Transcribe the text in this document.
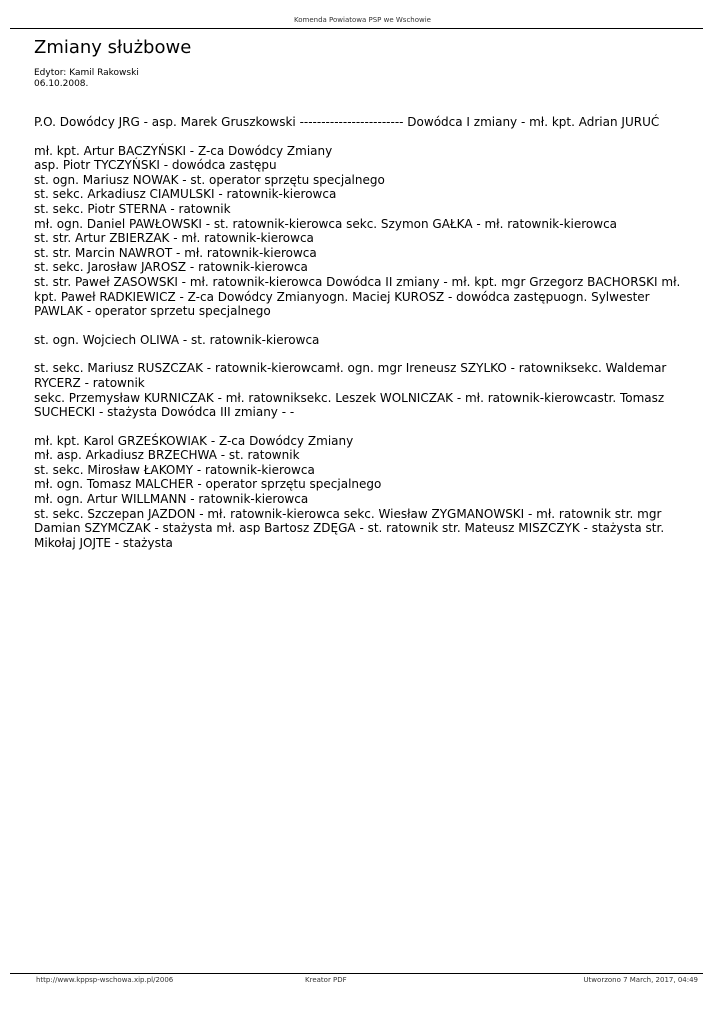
Komenda Powiatowa PSP we Wschowie
Zmiany służbowe
Edytor: Kamil Rakowski
06.10.2008.

P.O. Dowódcy JRG - asp. Marek Gruszkowski ------------------------ Dowódca I zmiany - mł. kpt. Adrian JURUĆ

mł. kpt. Artur BACZYŃSKI - Z-ca Dowódcy Zmiany
asp. Piotr TYCZYŃSKI - dowódca zastępu
st. ogn. Mariusz NOWAK - st. operator sprzętu specjalnego
st. sekc. Arkadiusz CIAMULSKI - ratownik-kierowca
st. sekc. Piotr STERNA - ratownik
mł. ogn. Daniel PAWŁOWSKI - st. ratownik-kierowca sekc. Szymon GAŁKA - mł. ratownik-kierowca
st. str. Artur ZBIERZAK - mł. ratownik-kierowca
st. str. Marcin NAWROT - mł. ratownik-kierowca
st. sekc. Jarosław JAROSZ - ratownik-kierowca
st. str. Paweł ZASOWSKI - mł. ratownik-kierowca Dowódca II zmiany - mł. kpt. mgr Grzegorz BACHORSKI mł. kpt. Paweł RADKIEWICZ - Z-ca Dowódcy Zmianyogn. Maciej KUROSZ - dowódca zastępuogn. Sylwester PAWLAK - operator sprzetu specjalnego

st. ogn. Wojciech OLIWA - st. ratownik-kierowca

st. sekc. Mariusz RUSZCZAK - ratownik-kierowcamł. ogn. mgr Ireneusz SZYLKO - ratowniksekc. Waldemar RYCERZ - ratownik
sekc. Przemysław KURNICZAK - mł. ratowniksekc. Leszek WOLNICZAK - mł. ratownik-kierowcastr. Tomasz SUCHECKI - stażysta Dowódca III zmiany - -
mł. kpt. Karol GRZEŚKOWIAK - Z-ca Dowódcy Zmiany
mł. asp. Arkadiusz BRZECHWA - st. ratownik
st. sekc. Mirosław ŁAKOMY - ratownik-kierowca
mł. ogn. Tomasz MALCHER - operator sprzętu specjalnego
mł. ogn. Artur WILLMANN - ratownik-kierowca
st. sekc. Szczepan JAZDON - mł. ratownik-kierowca sekc. Wiesław ZYGMANOWSKI - mł. ratownik str. mgr Damian SZYMCZAK - stażysta mł. asp Bartosz ZDĘGA - st. ratownik str. Mateusz MISZCZYK - stażysta str. Mikołaj JOJTE - stażysta
http://www.kppsp-wschowa.xip.pl/2006	Kreator PDF	Utworzono 7 March, 2017, 04:49
